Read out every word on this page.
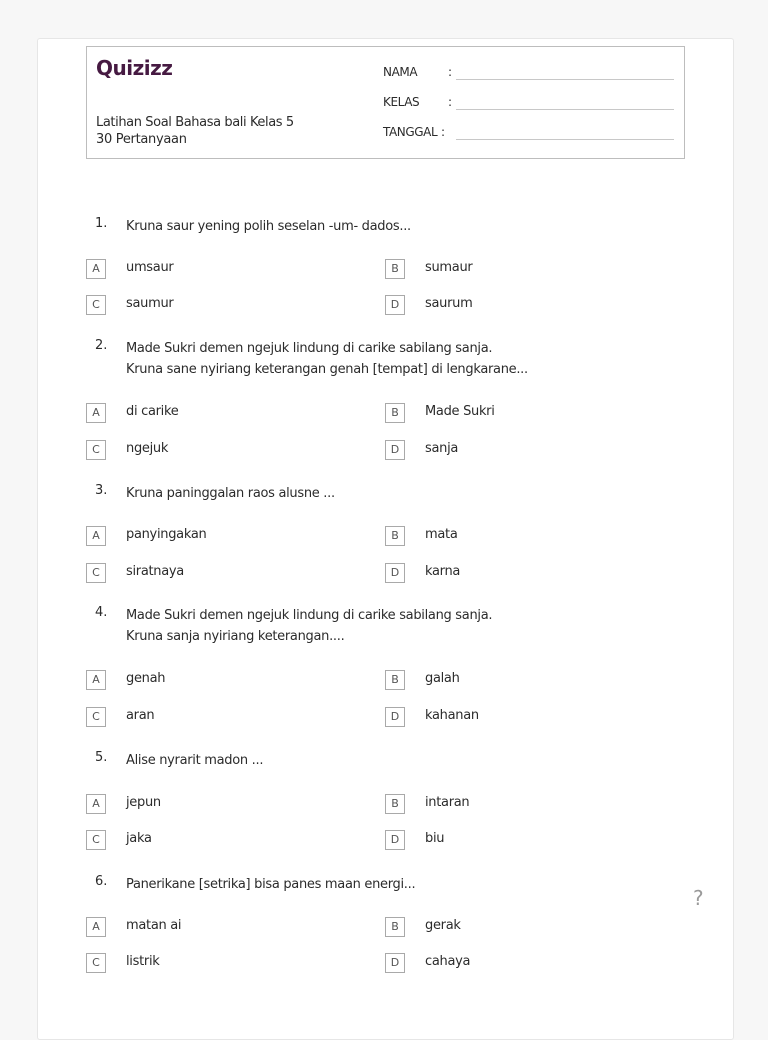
Quizizz
Latihan Soal Bahasa bali Kelas 5
30 Pertanyaan
NAMA	:
KELAS :
TANGGAL :
1. Kruna saur yening polih seselan -um- dados...
A	umsaur	B	sumaur
C	saumur	D	saurum
2. Made Sukri demen ngejuk lindung di carike sabilang sanja.
Kruna sane nyiriang keterangan genah [tempat] di lengkarane...
A	di carike	B	Made Sukri
C	ngejuk	D	sanja
3. Kruna paninggalan raos alusne ...
A	panyingakan	B	mata
C	siratnaya	D	karna
4. Made Sukri demen ngejuk lindung di carike sabilang sanja.
Kruna sanja nyiriang keterangan....
A	genah	B	galah
C	aran	D	kahanan
5. Alise nyrarit madon ...
A	jepun	B	intaran
C	jaka	D	biu
6. Panerikane [setrika] bisa panes maan energi...
A	matan ai	B	gerak
C	listrik	D	cahaya
?
